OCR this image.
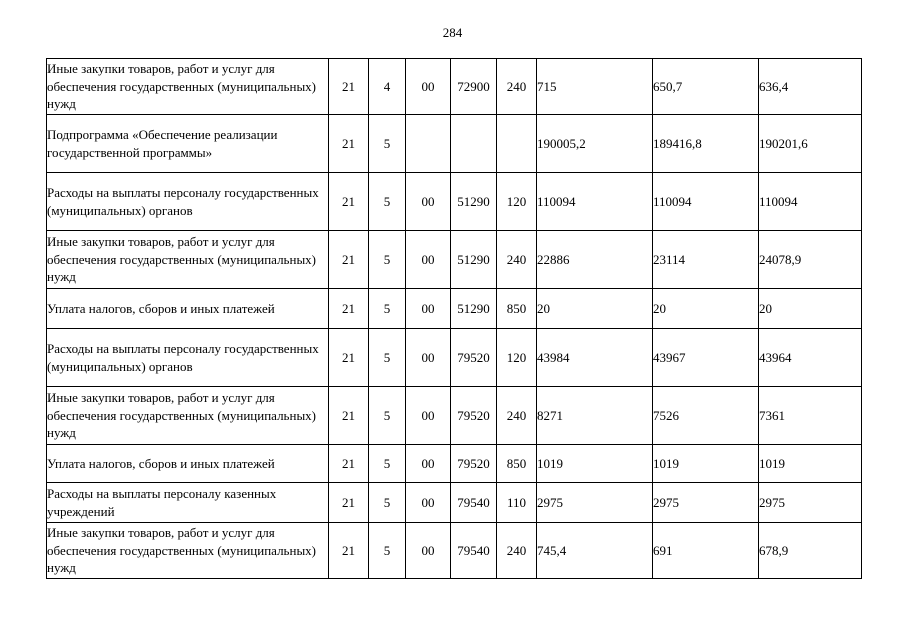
284
Иные закупки товаров, работ и услуг для обеспечения государственных (муниципальных) нужд	21	4	00	72900	240	715	650,7	636,4
Подпрограмма «Обеспечение реализации государственной программы»	21	5				190005,2	189416,8	190201,6
Расходы на выплаты персоналу государственных (муниципальных) органов	21	5	00	51290	120	110094	110094	110094
Иные закупки товаров, работ и услуг для обеспечения государственных (муниципальных) нужд	21	5	00	51290	240	22886	23114	24078,9
Уплата налогов, сборов и иных платежей	21	5	00	51290	850	20	20	20
Расходы на выплаты персоналу государственных (муниципальных) органов	21	5	00	79520	120	43984	43967	43964
Иные закупки товаров, работ и услуг для обеспечения государственных (муниципальных) нужд	21	5	00	79520	240	8271	7526	7361
Уплата налогов, сборов и иных платежей	21	5	00	79520	850	1019	1019	1019
Расходы на выплаты персоналу казенных учреждений	21	5	00	79540	110	2975	2975	2975
Иные закупки товаров, работ и услуг для обеспечения государственных (муниципальных) нужд	21	5	00	79540	240	745,4	691	678,9
